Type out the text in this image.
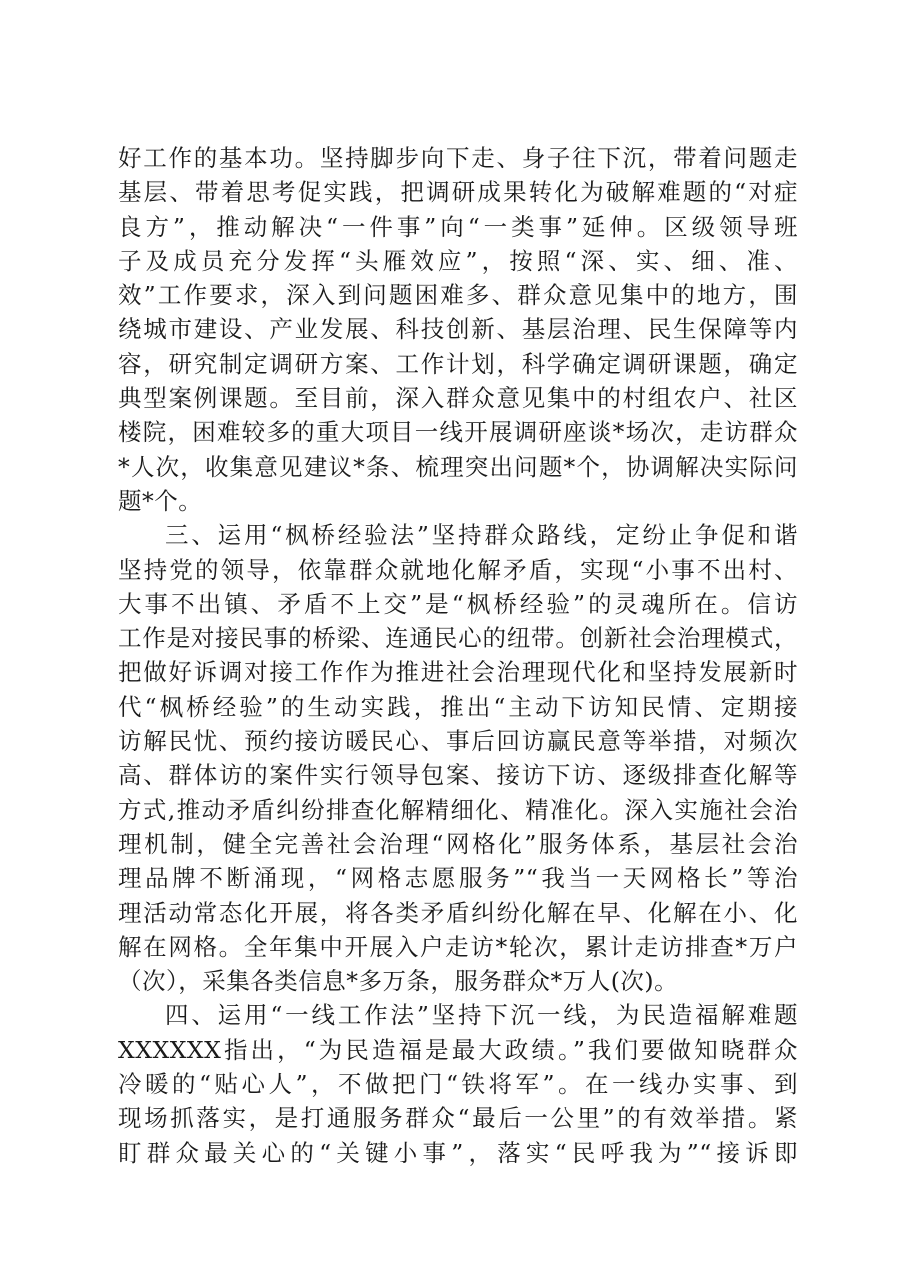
好工作的基本功。坚持脚步向下走、身子往下沉，带着问题走
基层、带着思考促实践，把调研成果转化为破解难题的“对症
良方”，推动解决“一件事”向“一类事”延伸。区级领导班
子及成员充分发挥“头雁效应”，按照“深、实、细、准、
效”工作要求，深入到问题困难多、群众意见集中的地方，围
绕城市建设、产业发展、科技创新、基层治理、民生保障等内
容，研究制定调研方案、工作计划，科学确定调研课题，确定
典型案例课题。至目前，深入群众意见集中的村组农户、社区
楼院，困难较多的重大项目一线开展调研座谈*场次，走访群众
*人次，收集意见建议*条、梳理突出问题*个，协调解决实际问
题*个。
三、运用“枫桥经验法”坚持群众路线，定纷止争促和谐
坚持党的领导，依靠群众就地化解矛盾，实现“小事不出村、
大事不出镇、矛盾不上交”是“枫桥经验”的灵魂所在。信访
工作是对接民事的桥梁、连通民心的纽带。创新社会治理模式，
把做好诉调对接工作作为推进社会治理现代化和坚持发展新时
代“枫桥经验”的生动实践，推出“主动下访知民情、定期接
访解民忧、预约接访暖民心、事后回访赢民意等举措，对频次
高、群体访的案件实行领导包案、接访下访、逐级排查化解等
方式,推动矛盾纠纷排查化解精细化、精准化。深入实施社会治
理机制，健全完善社会治理“网格化”服务体系，基层社会治
理品牌不断涌现，“网格志愿服务”“我当一天网格长”等治
理活动常态化开展，将各类矛盾纠纷化解在早、化解在小、化
解在网格。全年集中开展入户走访*轮次，累计走访排查*万户
（次），采集各类信息*多万条，服务群众*万人(次)。
四、运用“一线工作法”坚持下沉一线，为民造福解难题
XXXXXX指出，“为民造福是最大政绩。”我们要做知晓群众
冷暖的“贴心人”，不做把门“铁将军”。在一线办实事、到
现场抓落实，是打通服务群众“最后一公里”的有效举措。紧
盯群众最关心的“关键小事”，落实“民呼我为”“接诉即
